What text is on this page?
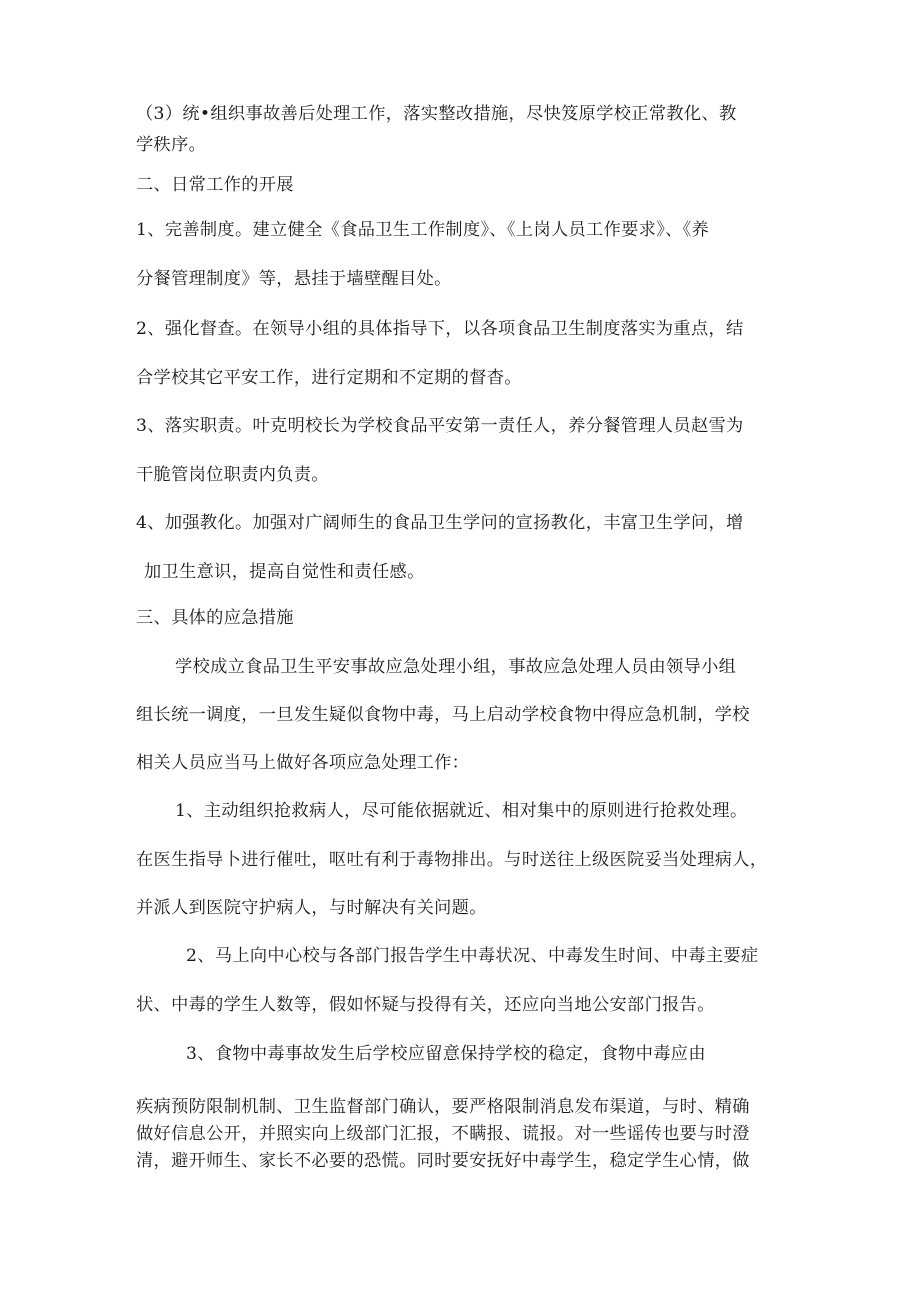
（3）统•组织事故善后处理工作，落实整改措施，尽快笈原学校正常教化、教
学秩序。
二、日常工作的开展
1、完善制度。建立健全《食品卫生工作制度》、《上岗人员工作要求》、《养
分餐管理制度》等，悬挂于墙壁醒目处。
2、强化督查。在领导小组的具体指导下，以各项食品卫生制度落实为重点，结
合学校其它平安工作，进行定期和不定期的督杳。
3、落实职责。叶克明校长为学校食品平安第一责任人，养分餐管理人员赵雪为
干脆管岗位职责内负责。
4、加强教化。加强对广阔师生的食品卫生学问的宣扬教化，丰富卫生学问，增
加卫生意识，提高自觉性和责任感。
三、具体的应急措施
学校成立食品卫生平安事故应急处理小组，事故应急处理人员由领导小组
组长统一调度，一旦发生疑似食物中毒，马上启动学校食物中得应急机制，学校
相关人员应当马上做好各项应急处理工作：
1、主动组织抢救病人，尽可能依据就近、相对集中的原则进行抢救处理。
在医生指导卜进行催吐，呕吐有利于毒物排出。与时送往上级医院妥当处理病人，
并派人到医院守护病人，与时解决有关问题。
2、马上向中心校与各部门报告学生中毒状况、中毒发生时间、中毒主要症
状、中毒的学生人数等，假如怀疑与投得有关，还应向当地公安部门报告。
3、食物中毒事故发生后学校应留意保持学校的稳定，食物中毒应由
疾病预防限制机制、卫生监督部门确认，要严格限制消息发布渠道，与时、精确
做好信息公开，并照实向上级部门汇报，不瞒报、谎报。对一些谣传也要与时澄
清，避开师生、家长不必要的恐慌。同时要安抚好中毒学生，稳定学生心情，做
